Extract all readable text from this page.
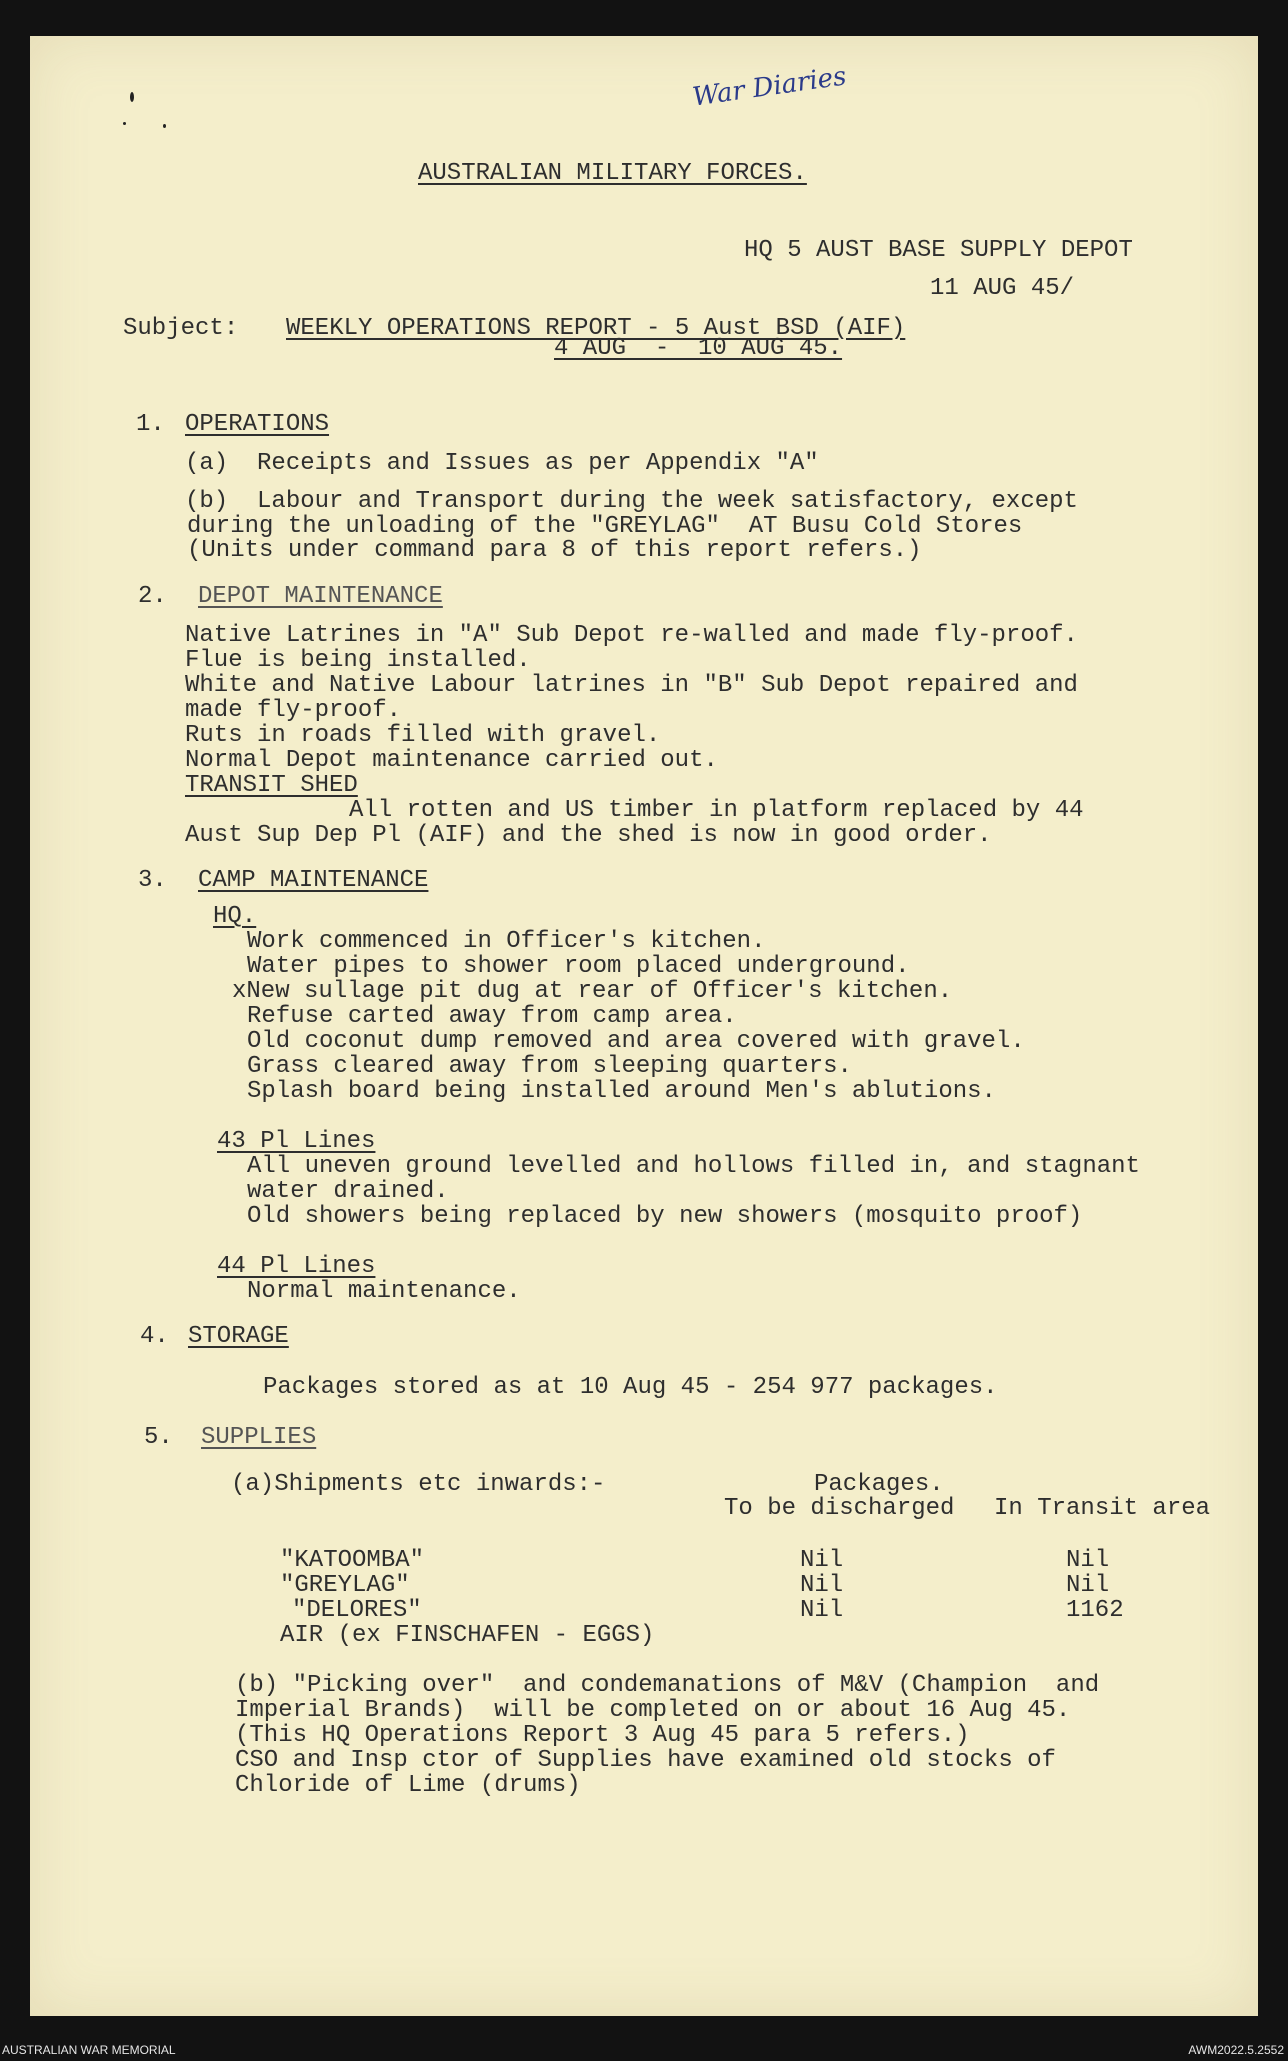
War Diaries
AUSTRALIAN MILITARY FORCES.
HQ 5 AUST BASE SUPPLY DEPOT
11 AUG 45/
Subject: WEEKLY OPERATIONS REPORT - 5 Aust BSD (AIF)
4 AUG  -  10 AUG 45.
1. OPERATIONS
(a)  Receipts and Issues as per Appendix "A"
(b)  Labour and Transport during the week satisfactory, except
during the unloading of the "GREYLAG"  AT Busu Cold Stores
(Units under command para 8 of this report refers.)
2. DEPOT MAINTENANCE
Native Latrines in "A" Sub Depot re-walled and made fly-proof.
Flue is being installed.
White and Native Labour latrines in "B" Sub Depot repaired and
made fly-proof.
Ruts in roads filled with gravel.
Normal Depot maintenance carried out.
TRANSIT SHED
All rotten and US timber in platform replaced by 44
Aust Sup Dep Pl (AIF) and the shed is now in good order.
3. CAMP MAINTENANCE
HQ.
Work commenced in Officer's kitchen.
Water pipes to shower room placed underground.
xNew sullage pit dug at rear of Officer's kitchen.
Refuse carted away from camp area.
Old coconut dump removed and area covered with gravel.
Grass cleared away from sleeping quarters.
Splash board being installed around Men's ablutions.
43 Pl Lines
All uneven ground levelled and hollows filled in, and stagnant
water drained.
Old showers being replaced by new showers (mosquito proof)
44 Pl Lines
Normal maintenance.
4. STORAGE
Packages stored as at 10 Aug 45 - 254 977 packages.
5. SUPPLIES
(a)Shipments etc inwards:-	Packages.
To be discharged In Transit area
"KATOOMBA"	Nil	Nil
"GREYLAG"	Nil	Nil
"DELORES"	Nil	1162
AIR (ex FINSCHAFEN - EGGS)
(b) "Picking over"  and condemanations of M&V (Champion  and
Imperial Brands)  will be completed on or about 16 Aug 45.
(This HQ Operations Report 3 Aug 45 para 5 refers.)
CSO and Insp ctor of Supplies have examined old stocks of
Chloride of Lime (drums)
AUSTRALIAN WAR MEMORIAL	AWM2022.5.2552
